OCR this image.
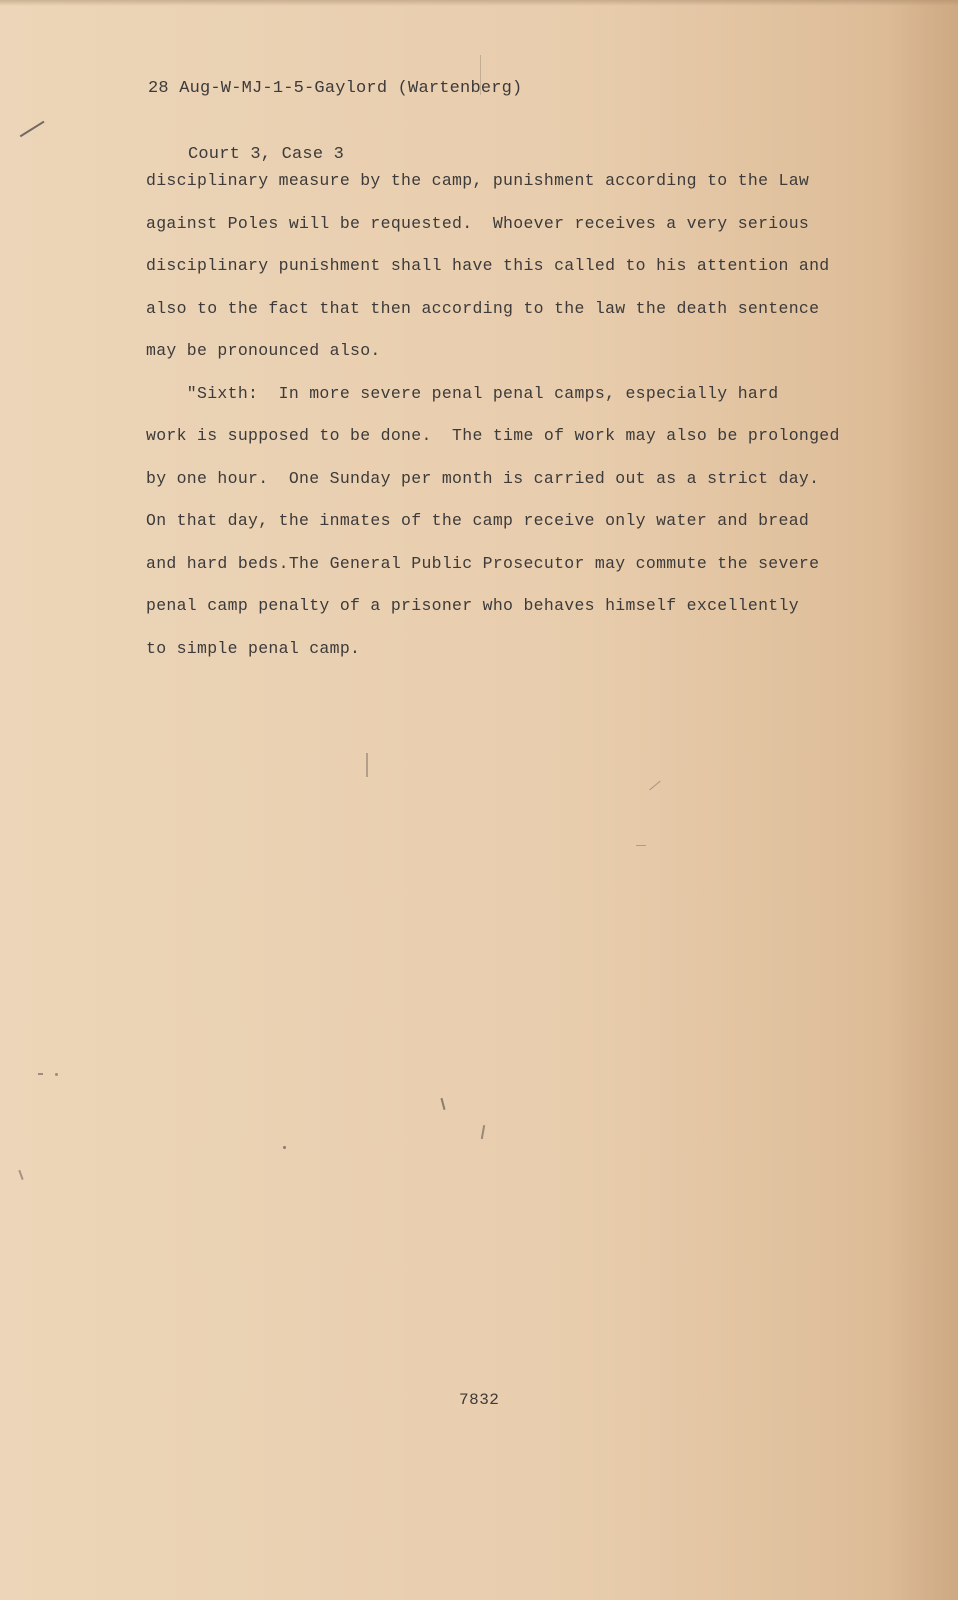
28 Aug-W-MJ-1-5-Gaylord (Wartenberg)

Court 3, Case 3

disciplinary measure by the camp, punishment according to the Law
against Poles will be requested.  Whoever receives a very serious
disciplinary punishment shall have this called to his attention and
also to the fact that then according to the law the death sentence
may be pronounced also.
"Sixth:  In more severe penal penal camps, especially hard
work is supposed to be done.  The time of work may also be prolonged
by one hour.  One Sunday per month is carried out as a strict day.
On that day, the inmates of the camp receive only water and bread
and hard beds.The General Public Prosecutor may commute the severe
penal camp penalty of a prisoner who behaves himself excellently
to simple penal camp.
7832
